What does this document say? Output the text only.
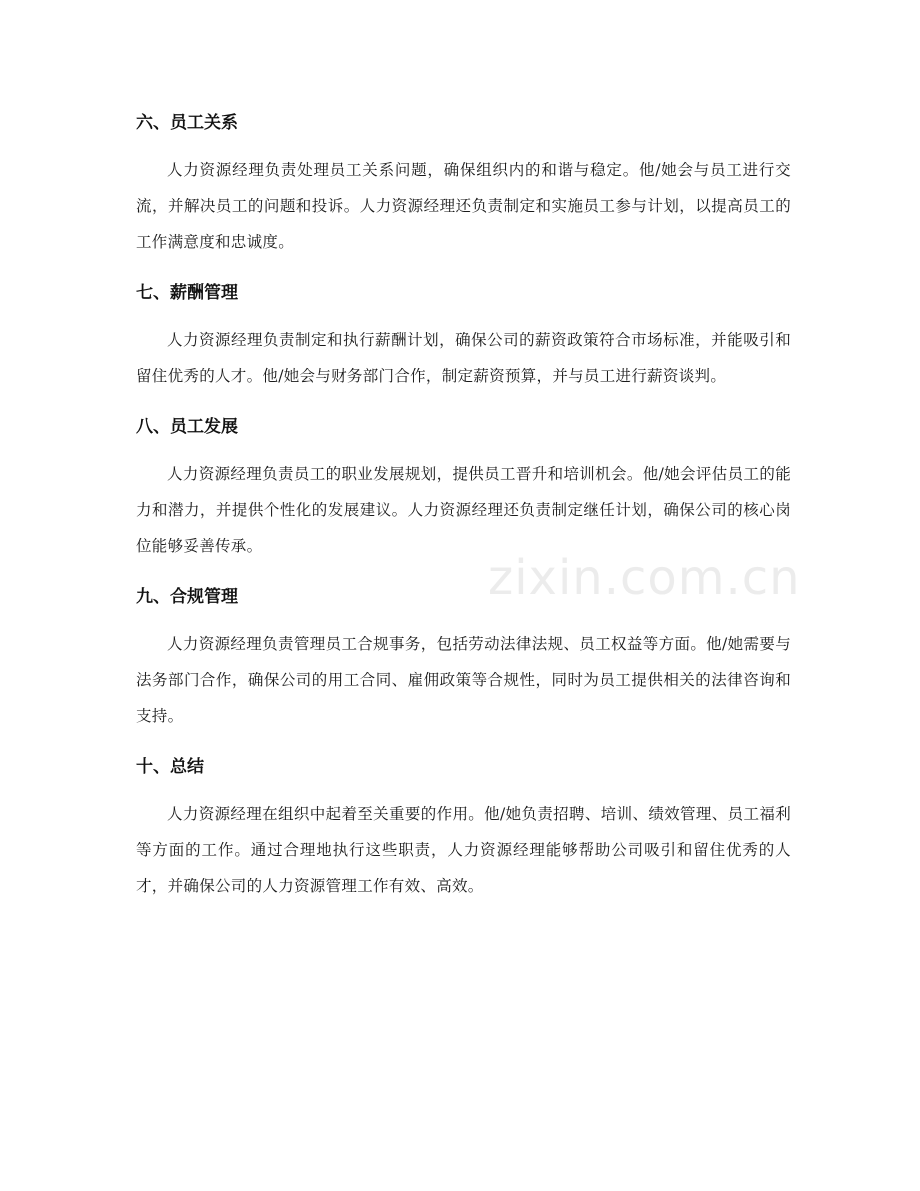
六、员工关系

人力资源经理负责处理员工关系问题，确保组织内的和谐与稳定。他/她会与员工进行交流，并解决员工的问题和投诉。人力资源经理还负责制定和实施员工参与计划，以提高员工的工作满意度和忠诚度。

七、薪酬管理

人力资源经理负责制定和执行薪酬计划，确保公司的薪资政策符合市场标准，并能吸引和留住优秀的人才。他/她会与财务部门合作，制定薪资预算，并与员工进行薪资谈判。

八、员工发展

人力资源经理负责员工的职业发展规划，提供员工晋升和培训机会。他/她会评估员工的能力和潜力，并提供个性化的发展建议。人力资源经理还负责制定继任计划，确保公司的核心岗位能够妥善传承。

九、合规管理

人力资源经理负责管理员工合规事务，包括劳动法律法规、员工权益等方面。他/她需要与法务部门合作，确保公司的用工合同、雇佣政策等合规性，同时为员工提供相关的法律咨询和支持。

十、总结

人力资源经理在组织中起着至关重要的作用。他/她负责招聘、培训、绩效管理、员工福利等方面的工作。通过合理地执行这些职责，人力资源经理能够帮助公司吸引和留住优秀的人才，并确保公司的人力资源管理工作有效、高效。

zixin.com.cn
